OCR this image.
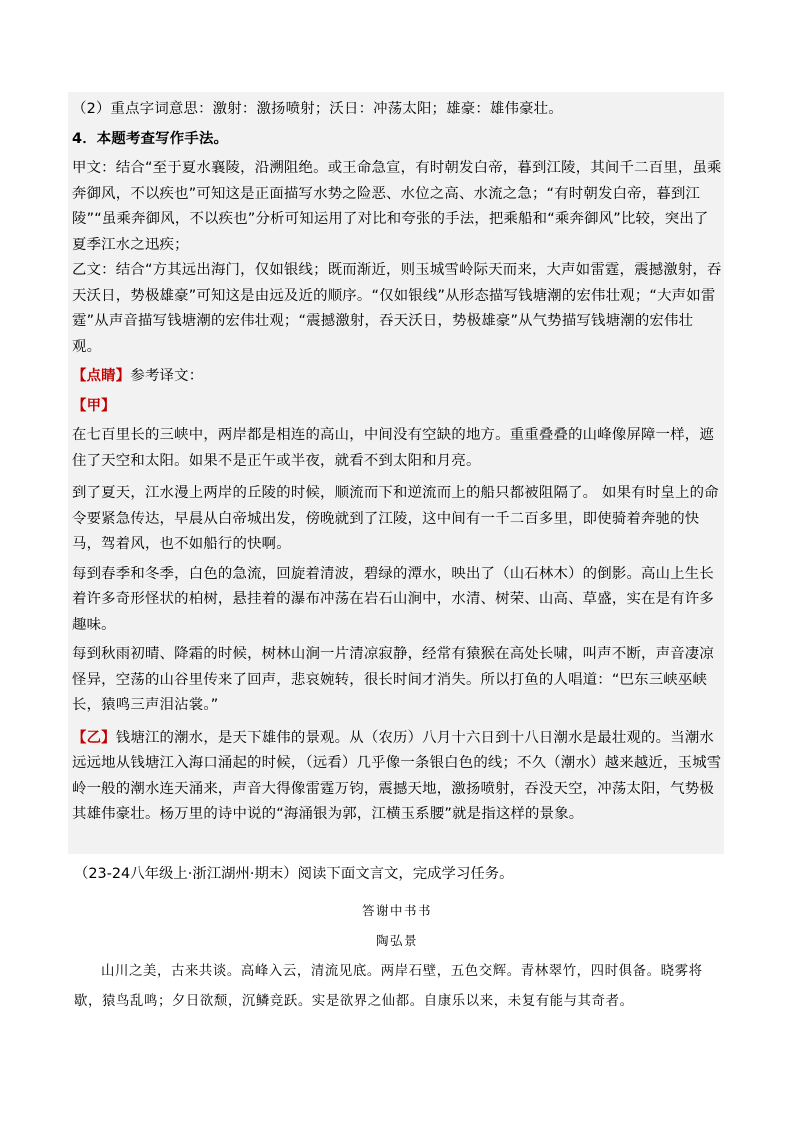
（2）重点字词意思：激射：激扬喷射；沃日：冲荡太阳；雄豪：雄伟豪壮。

4．本题考查写作手法。

甲文：结合“至于夏水襄陵，沿溯阻绝。或王命急宣，有时朝发白帝，暮到江陵，其间千二百里，虽乘奔御风，不以疾也”可知这是正面描写水势之险恶、水位之高、水流之急；“有时朝发白帝，暮到江陵”“虽乘奔御风，不以疾也”分析可知运用了对比和夸张的手法，把乘船和“乘奔御风”比较，突出了夏季江水之迅疾；

乙文：结合“方其远出海门，仅如银线；既而渐近，则玉城雪岭际天而来，大声如雷霆，震撼激射，吞天沃日，势极雄豪”可知这是由远及近的顺序。“仅如银线”从形态描写钱塘潮的宏伟壮观；“大声如雷霆”从声音描写钱塘潮的宏伟壮观；“震撼激射，吞天沃日，势极雄豪”从气势描写钱塘潮的宏伟壮观。

【点睛】参考译文：

【甲】

在七百里长的三峡中，两岸都是相连的高山，中间没有空缺的地方。重重叠叠的山峰像屏障一样，遮住了天空和太阳。如果不是正午或半夜，就看不到太阳和月亮。

到了夏天，江水漫上两岸的丘陵的时候，顺流而下和逆流而上的船只都被阻隔了。 如果有时皇上的命令要紧急传达，早晨从白帝城出发，傍晚就到了江陵，这中间有一千二百多里，即使骑着奔驰的快马，驾着风，也不如船行的快啊。

每到春季和冬季，白色的急流，回旋着清波，碧绿的潭水，映出了（山石林木）的倒影。高山上生长着许多奇形怪状的柏树，悬挂着的瀑布冲荡在岩石山涧中，水清、树荣、山高、草盛，实在是有许多趣味。

每到秋雨初晴、降霜的时候，树林山涧一片清凉寂静，经常有猿猴在高处长啸，叫声不断，声音凄凉怪异，空荡的山谷里传来了回声，悲哀婉转，很长时间才消失。所以打鱼的人唱道：“巴东三峡巫峡长，猿鸣三声泪沾裳。”

【乙】钱塘江的潮水，是天下雄伟的景观。从（农历）八月十六日到十八日潮水是最壮观的。当潮水远远地从钱塘江入海口涌起的时候，（远看）几乎像一条银白色的线；不久（潮水）越来越近，玉城雪岭一般的潮水连天涌来，声音大得像雷霆万钧，震撼天地，激扬喷射，吞没天空，冲荡太阳，气势极其雄伟豪壮。杨万里的诗中说的“海涌银为郭，江横玉系腰”就是指这样的景象。

（23-24八年级上·浙江湖州·期末）阅读下面文言文，完成学习任务。

答谢中书书

陶弘景

山川之美，古来共谈。高峰入云，清流见底。两岸石壁，五色交辉。青林翠竹，四时俱备。晓雾将歇，猿鸟乱鸣；夕日欲颓，沉鳞竞跃。实是欲界之仙都。自康乐以来，未复有能与其奇者。
